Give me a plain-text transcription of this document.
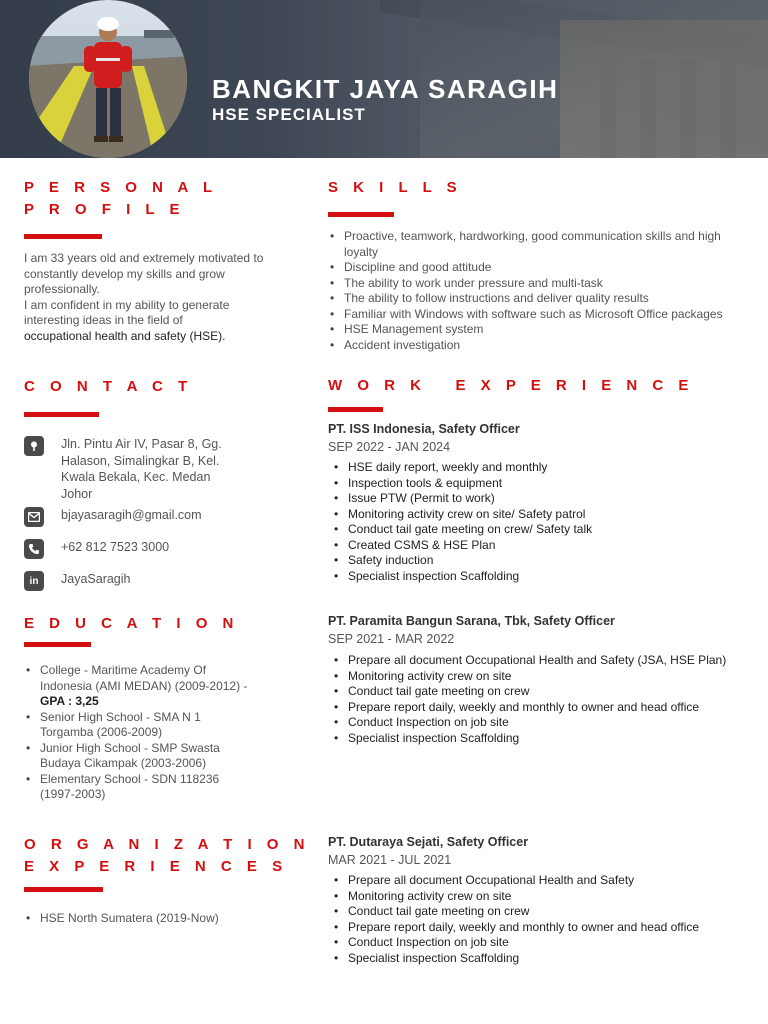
BANGKIT JAYA SARAGIH
HSE SPECIALIST
P E R S O N A L
P R O F I L E
I am 33 years old and extremely motivated to constantly develop my skills and grow professionally.
I am confident in my ability to generate interesting ideas in the field of
occupational health and safety (HSE).
S K I L L S
• Proactive, teamwork, hardworking, good communication skills and high loyalty
• Discipline and good attitude
• The ability to work under pressure and multi-task
• The ability to follow instructions and deliver quality results
• Familiar with Windows with software such as Microsoft Office packages
• HSE Management system
• Accident investigation
C O N T A C T
Jln. Pintu Air IV, Pasar 8, Gg. Halason, Simalingkar B, Kel. Kwala Bekala, Kec. Medan Johor
bjayasaragih@gmail.com
+62 812 7523 3000
in JayaSaragih
E D U C A T I O N
• College - Maritime Academy Of Indonesia (AMI MEDAN) (2009-2012) - GPA : 3,25
• Senior High School - SMA N 1 Torgamba (2006-2009)
• Junior High School - SMP Swasta Budaya Cikampak (2003-2006)
• Elementary School - SDN 118236 (1997-2003)
O R G A N I Z A T I O N
E X P E R I E N C E S
• HSE North Sumatera (2019-Now)
W O R K   E X P E R I E N C E
PT. ISS Indonesia, Safety Officer
SEP 2022 - JAN 2024
• HSE daily report, weekly and monthly
• Inspection tools & equipment
• Issue PTW (Permit to work)
• Monitoring activity crew on site/ Safety patrol
• Conduct tail gate meeting on crew/ Safety talk
• Created CSMS & HSE Plan
• Safety induction
• Specialist inspection Scaffolding
PT. Paramita Bangun Sarana, Tbk, Safety Officer
SEP 2021 - MAR 2022
• Prepare all document Occupational Health and Safety (JSA, HSE Plan)
• Monitoring activity crew on site
• Conduct tail gate meeting on crew
• Prepare report daily, weekly and monthly to owner and head office
• Conduct Inspection on job site
• Specialist inspection Scaffolding
PT. Dutaraya Sejati, Safety Officer
MAR 2021 - JUL 2021
• Prepare all document Occupational Health and Safety
• Monitoring activity crew on site
• Conduct tail gate meeting on crew
• Prepare report daily, weekly and monthly to owner and head office
• Conduct Inspection on job site
• Specialist inspection Scaffolding
